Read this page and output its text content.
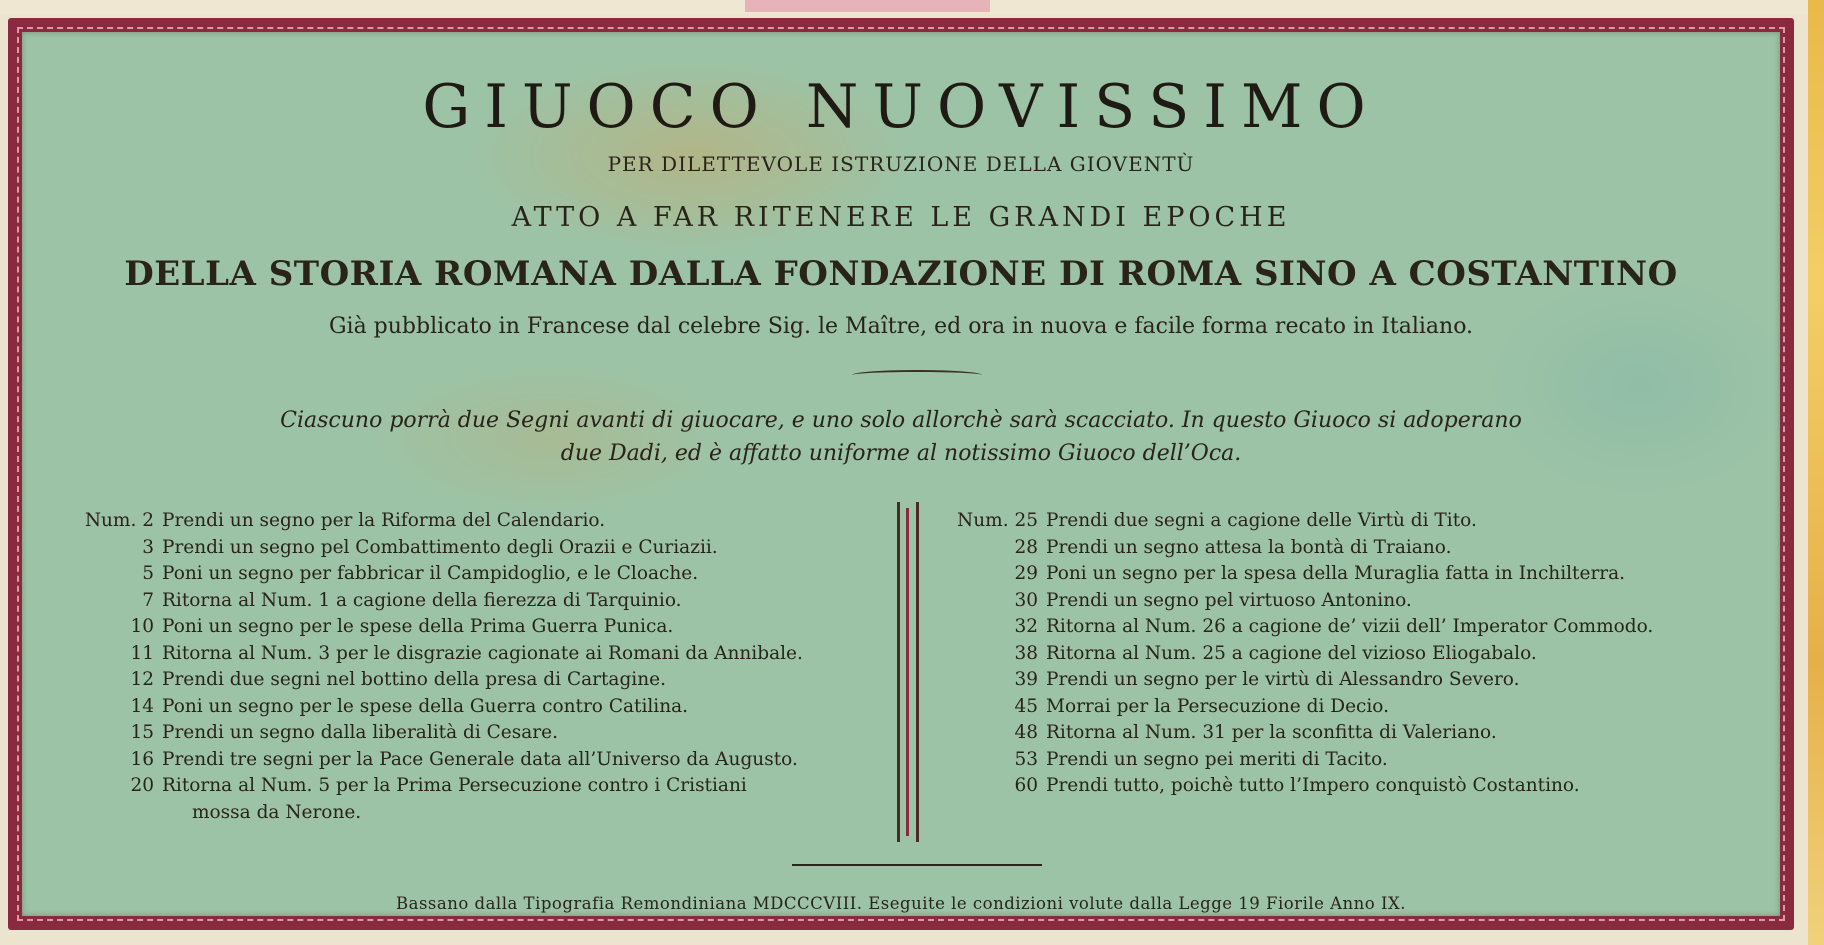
GIUOCO NUOVISSIMO
PER DILETTEVOLE ISTRUZIONE DELLA GIOVENTÙ
ATTO A FAR RITENERE LE GRANDI EPOCHE
DELLA STORIA ROMANA DALLA FONDAZIONE DI ROMA SINO A COSTANTINO
Già pubblicato in Francese dal celebre Sig. le Maître, ed ora in nuova e facile forma recato in Italiano.
Ciascuno porrà due Segni avanti di giuocare, e uno solo allorchè sarà scacciato. In questo Giuoco si adoperano
due Dadi, ed è affatto uniforme al notissimo Giuoco dell’Oca.
Num. 2 Prendi un segno per la Riforma del Calendario.
3 Prendi un segno pel Combattimento degli Orazii e Curiazii.
5 Poni un segno per fabbricar il Campidoglio, e le Cloache.
7 Ritorna al Num. 1 a cagione della fierezza di Tarquinio.
10 Poni un segno per le spese della Prima Guerra Punica.
11 Ritorna al Num. 3 per le disgrazie cagionate ai Romani da Annibale.
12 Prendi due segni nel bottino della presa di Cartagine.
14 Poni un segno per le spese della Guerra contro Catilina.
15 Prendi un segno dalla liberalità di Cesare.
16 Prendi tre segni per la Pace Generale data all’Universo da Augusto.
20 Ritorna al Num. 5 per la Prima Persecuzione contro i Cristiani
mossa da Nerone.
Num. 25 Prendi due segni a cagione delle Virtù di Tito.
28 Prendi un segno attesa la bontà di Traiano.
29 Poni un segno per la spesa della Muraglia fatta in Inchilterra.
30 Prendi un segno pel virtuoso Antonino.
32 Ritorna al Num. 26 a cagione de’ vizii dell’ Imperator Commodo.
38 Ritorna al Num. 25 a cagione del vizioso Eliogabalo.
39 Prendi un segno per le virtù di Alessandro Severo.
45 Morrai per la Persecuzione di Decio.
48 Ritorna al Num. 31 per la sconfitta di Valeriano.
53 Prendi un segno pei meriti di Tacito.
60 Prendi tutto, poichè tutto l’Impero conquistò Costantino.
Bassano dalla Tipografia Remondiniana MDCCCVIII. Eseguite le condizioni volute dalla Legge 19 Fiorile Anno IX.
